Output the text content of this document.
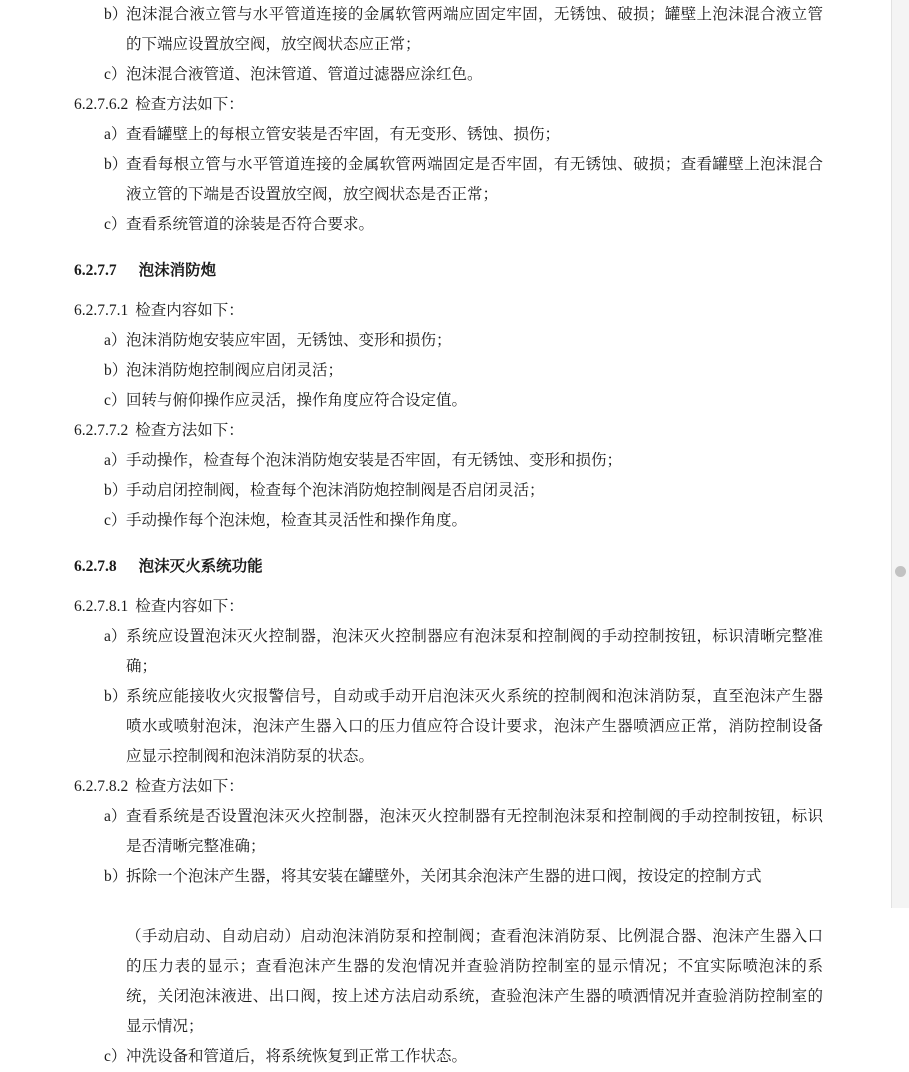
b）
泡沫混合液立管与水平管道连接的金属软管两端应固定牢固，无锈蚀、破损；罐壁上泡沫混合液立管的下端应设置放空阀，放空阀状态应正常；
c） 泡沫混合液管道、泡沫管道、管道过滤器应涂红色。
6.2.7.6.2 检查方法如下：
a） 查看罐壁上的每根立管安装是否牢固，有无变形、锈蚀、损伤；
b）
查看每根立管与水平管道连接的金属软管两端固定是否牢固，有无锈蚀、破损；查看罐壁上泡沫混合液立管的下端是否设置放空阀，放空阀状态是否正常；
c） 查看系统管道的涂装是否符合要求。
6.2.7.7 泡沫消防炮
6.2.7.7.1 检查内容如下：
a） 泡沫消防炮安装应牢固，无锈蚀、变形和损伤；
b）
泡沫消防炮控制阀应启闭灵活；
c） 回转与俯仰操作应灵活，操作角度应符合设定值。
6.2.7.7.2 检查方法如下：
a） 手动操作，检查每个泡沫消防炮安装是否牢固，有无锈蚀、变形和损伤；
b）
手动启闭控制阀，检查每个泡沫消防炮控制阀是否启闭灵活；
c） 手动操作每个泡沫炮，检查其灵活性和操作角度。
6.2.7.8 泡沫灭火系统功能
6.2.7.8.1 检查内容如下：
a） 系统应设置泡沫灭火控制器，泡沫灭火控制器应有泡沫泵和控制阀的手动控制按钮，标识清晰完整准确；
b）
系统应能接收火灾报警信号，自动或手动开启泡沫灭火系统的控制阀和泡沫消防泵，直至泡沫产生器喷水或喷射泡沫，泡沫产生器入口的压力值应符合设计要求，泡沫产生器喷洒应正常，消防控制设备应显示控制阀和泡沫消防泵的状态。
6.2.7.8.2 检查方法如下：
a） 查看系统是否设置泡沫灭火控制器，泡沫灭火控制器有无控制泡沫泵和控制阀的手动控制按钮，标识是否清晰完整准确；
b）
拆除一个泡沫产生器，将其安装在罐壁外，关闭其余泡沫产生器的进口阀，按设定的控制方式

（手动启动、自动启动）启动泡沫消防泵和控制阀；查看泡沫消防泵、比例混合器、泡沫产生器入口的压力表的显示；查看泡沫产生器的发泡情况并查验消防控制室的显示情况；不宜实际喷泡沫的系统，关闭泡沫液进、出口阀，按上述方法启动系统，查验泡沫产生器的喷洒情况并查验消防控制室的显示情况；
c） 冲洗设备和管道后，将系统恢复到正常工作状态。
